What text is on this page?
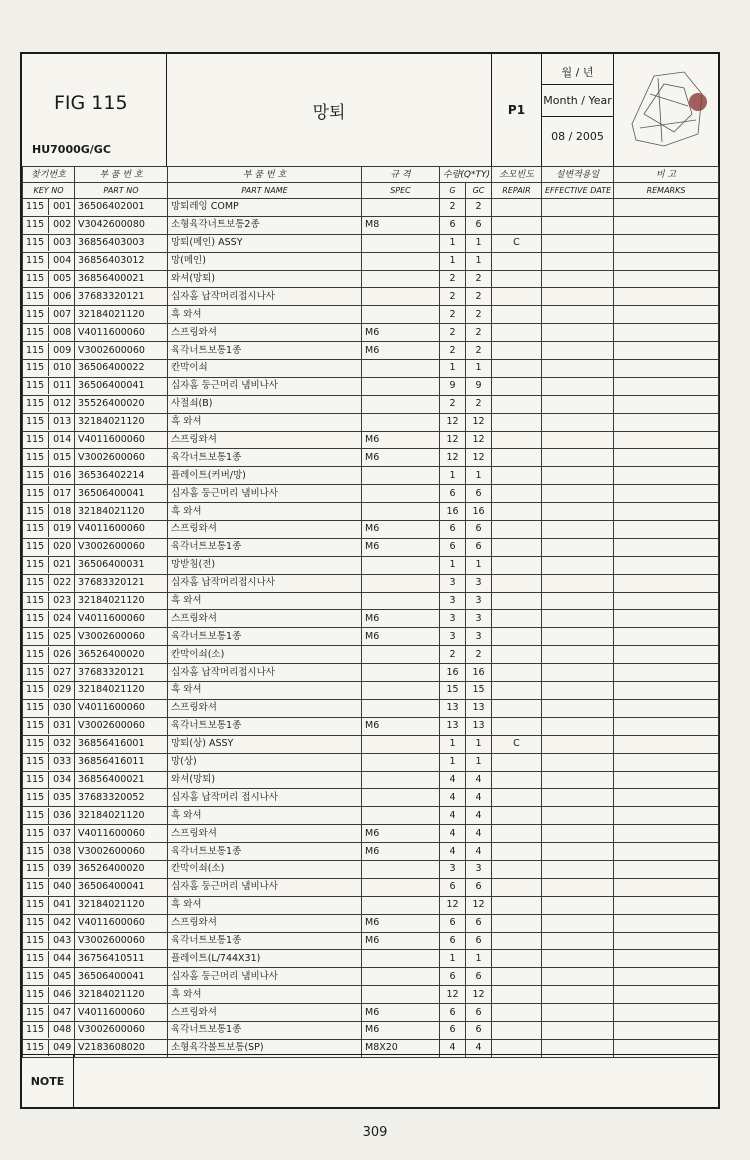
FIG 115
HU7000G/GC
망퇴	P1
월 / 년
Month / Year
08 / 2005
찾기번호	부 품 번 호	부 품 번 호	규 격	수량(Q*TY)		소모빈도	설변적용일	비 고
KEY NO	PART NO	PART NAME	SPEC	G	GC	REPAIR	EFFECTIVE DATE	REMARKS
115 001	36506402001	망퇴레잉 COMP		2	2			
115 002	V3042600080	소형육각너트보통2종	M8	6	6			
115 003	36856403003	망퇴(메인) ASSY		1	1	C		
115 004	36856403012	망(메인)		1	1			
115 005	36856400021	와셔(망퇴)		2	2			
115 006	37683320121	십자홈 납작머리접시나사		2	2			
115 007	32184021120	흑 와셔		2	2			
115 008	V4011600060	스프링와셔	M6	2	2			
115 009	V3002600060	육각너트보통1종	M6	2	2			
115 010	36506400022	칸막이쇠		1	1			
115 011	36506400041	십자홈 둥근머리 냄비나사		9	9			
115 012	35526400020	사절쇠(B)		2	2			
115 013	32184021120	흑 와셔		12	12			
115 014	V4011600060	스프링와셔	M6	12	12			
115 015	V3002600060	육각너트보통1종	M6	12	12			
115 016	36536402214	플레이트(커버/망)		1	1			
115 017	36506400041	십자홈 둥근머리 냄비나사		6	6			
115 018	32184021120	흑 와셔		16	16			
115 019	V4011600060	스프링와셔	M6	6	6			
115 020	V3002600060	육각너트보통1종	M6	6	6			
115 021	36506400031	망받침(전)		1	1			
115 022	37683320121	십자홈 납작머리접시나사		3	3			
115 023	32184021120	흑 와셔		3	3			
115 024	V4011600060	스프링와셔	M6	3	3			
115 025	V3002600060	육각너트보통1종	M6	3	3			
115 026	36526400020	칸막이쇠(소)		2	2			
115 027	37683320121	십자홈 납작머리접시나사		16	16			
115 029	32184021120	흑 와셔		15	15			
115 030	V4011600060	스프링와셔		13	13			
115 031	V3002600060	육각너트보통1종	M6	13	13			
115 032	36856416001	망퇴(상) ASSY		1	1	C		
115 033	36856416011	망(상)		1	1			
115 034	36856400021	와셔(망퇴)		4	4			
115 035	37683320052	십자홈 납작머리 접시나사		4	4			
115 036	32184021120	흑 와셔		4	4			
115 037	V4011600060	스프링와셔	M6	4	4			
115 038	V3002600060	육각너트보통1종	M6	4	4			
115 039	36526400020	칸막이쇠(소)		3	3			
115 040	36506400041	십자홈 둥근머리 냄비나사		6	6			
115 041	32184021120	흑 와셔		12	12			
115 042	V4011600060	스프링와셔	M6	6	6			
115 043	V3002600060	육각너트보통1종	M6	6	6			
115 044	36756410511	플레이트(L/744X31)		1	1			
115 045	36506400041	십자홈 둥근머리 냄비나사		6	6			
115 046	32184021120	흑 와셔		12	12			
115 047	V4011600060	스프링와셔	M6	6	6			
115 048	V3002600060	육각너트보통1종	M6	6	6			
115 049	V2183608020	소형육각볼트보통(SP)	M8X20	4	4			
NOTE
309
